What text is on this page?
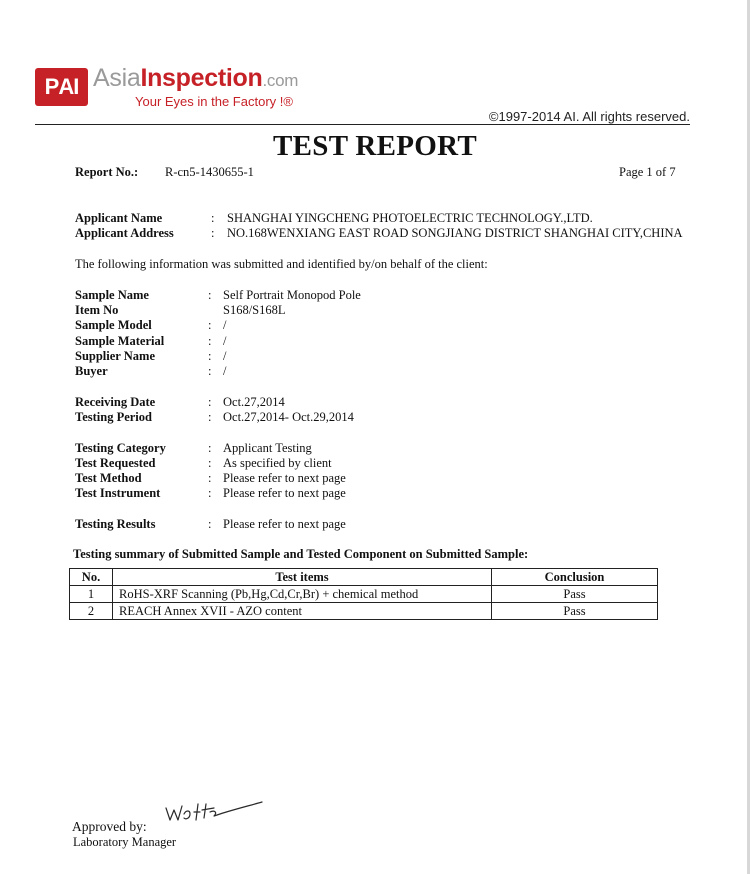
ΡAI AsiaInspection.com
Your Eyes in the Factory !®
©1997-2014 AI. All rights reserved.
TEST REPORT
Report No.: R-cn5-1430655-1	Page 1 of 7
Applicant Name	: SHANGHAI YINGCHENG PHOTOELECTRIC TECHNOLOGY.,LTD.
Applicant Address	: NO.168WENXIANG EAST ROAD SONGJIANG DISTRICT SHANGHAI CITY,CHINA
The following information was submitted and identified by/on behalf of the client:
Sample Name	: Self Portrait Monopod Pole
Item No	S168/S168L
Sample Model	: /
Sample Material	: /
Supplier Name	: /
Buyer	: /
Receiving Date	: Oct.27,2014
Testing Period	: Oct.27,2014- Oct.29,2014
Testing Category	: Applicant Testing
Test Requested	: As specified by client
Test Method	: Please refer to next page
Test Instrument	: Please refer to next page
Testing Results	: Please refer to next page
Testing summary of Submitted Sample and Tested Component on Submitted Sample:
No.	Test items	Conclusion
1	RoHS-XRF Scanning (Pb,Hg,Cd,Cr,Br) + chemical method	Pass
2	REACH Annex XVII - AZO content	Pass
Approved by:
Laboratory Manager
